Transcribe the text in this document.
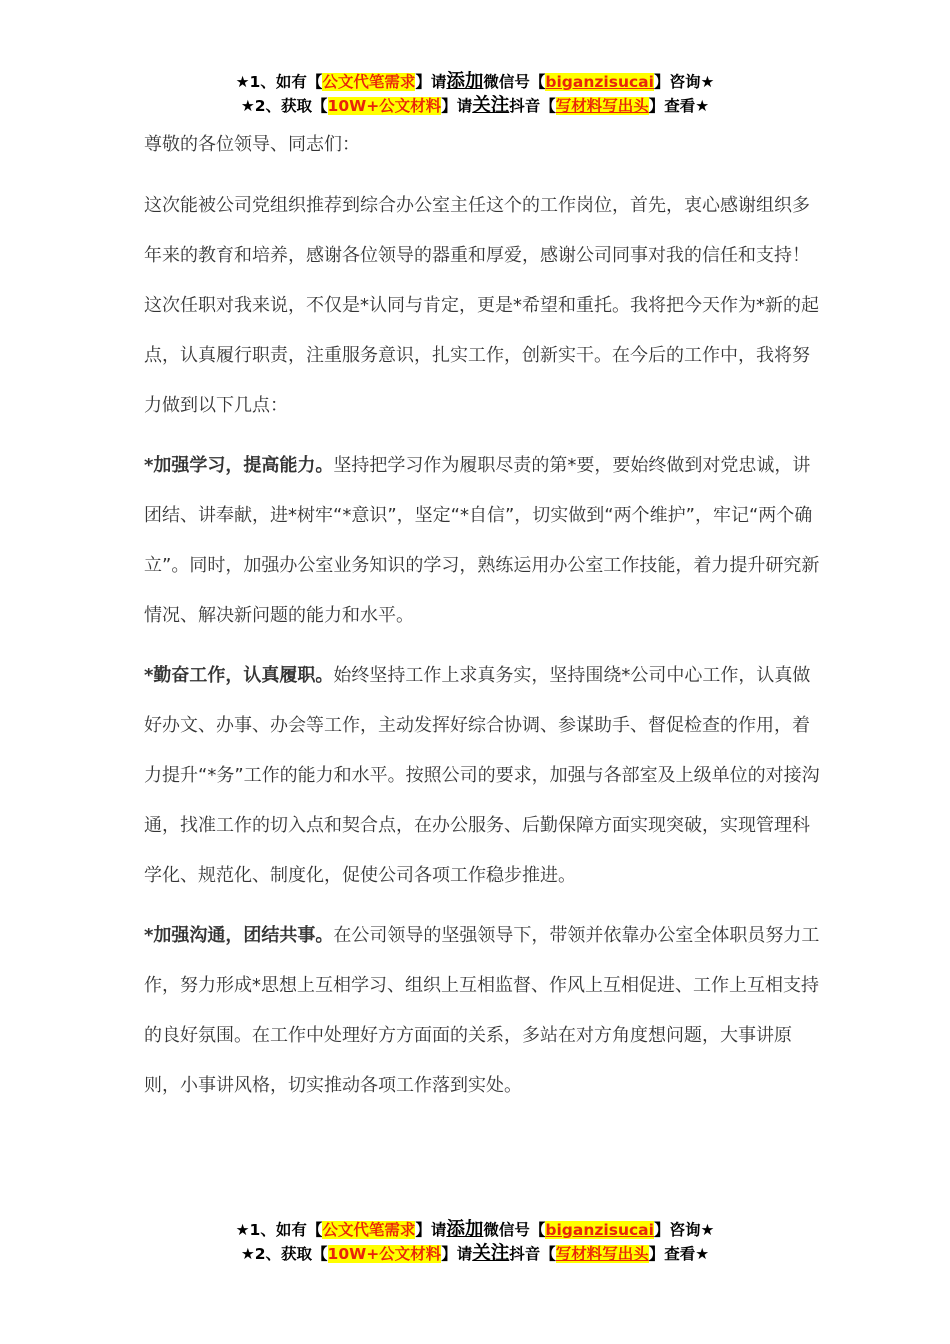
★1、如有【公文代笔需求】请添加微信号【biganzisucai】咨询★
★2、获取【10W+公文材料】请关注抖音【写材料写出头】查看★
尊敬的各位领导、同志们：

这次能被公司党组织推荐到综合办公室主任这个的工作岗位，首先，衷心感谢组织多年来的教育和培养，感谢各位领导的器重和厚爱，感谢公司同事对我的信任和支持！这次任职对我来说，不仅是*认同与肯定，更是*希望和重托。我将把今天作为*新的起点，认真履行职责，注重服务意识，扎实工作，创新实干。在今后的工作中，我将努力做到以下几点：

*加强学习，提高能力。坚持把学习作为履职尽责的第*要，要始终做到对党忠诚，讲团结、讲奉献，进*树牢“*意识”，坚定“*自信”，切实做到“两个维护”，牢记“两个确立”。同时，加强办公室业务知识的学习，熟练运用办公室工作技能，着力提升研究新情况、解决新问题的能力和水平。

*勤奋工作，认真履职。始终坚持工作上求真务实，坚持围绕*公司中心工作，认真做好办文、办事、办会等工作，主动发挥好综合协调、参谋助手、督促检查的作用，着力提升“*务”工作的能力和水平。按照公司的要求，加强与各部室及上级单位的对接沟通，找准工作的切入点和契合点，在办公服务、后勤保障方面实现突破，实现管理科学化、规范化、制度化，促使公司各项工作稳步推进。

*加强沟通，团结共事。在公司领导的坚强领导下，带领并依靠办公室全体职员努力工作，努力形成*思想上互相学习、组织上互相监督、作风上互相促进、工作上互相支持的良好氛围。在工作中处理好方方面面的关系，多站在对方角度想问题，大事讲原则，小事讲风格，切实推动各项工作落到实处。

★1、如有【公文代笔需求】请添加微信号【biganzisucai】咨询★
★2、获取【10W+公文材料】请关注抖音【写材料写出头】查看★
